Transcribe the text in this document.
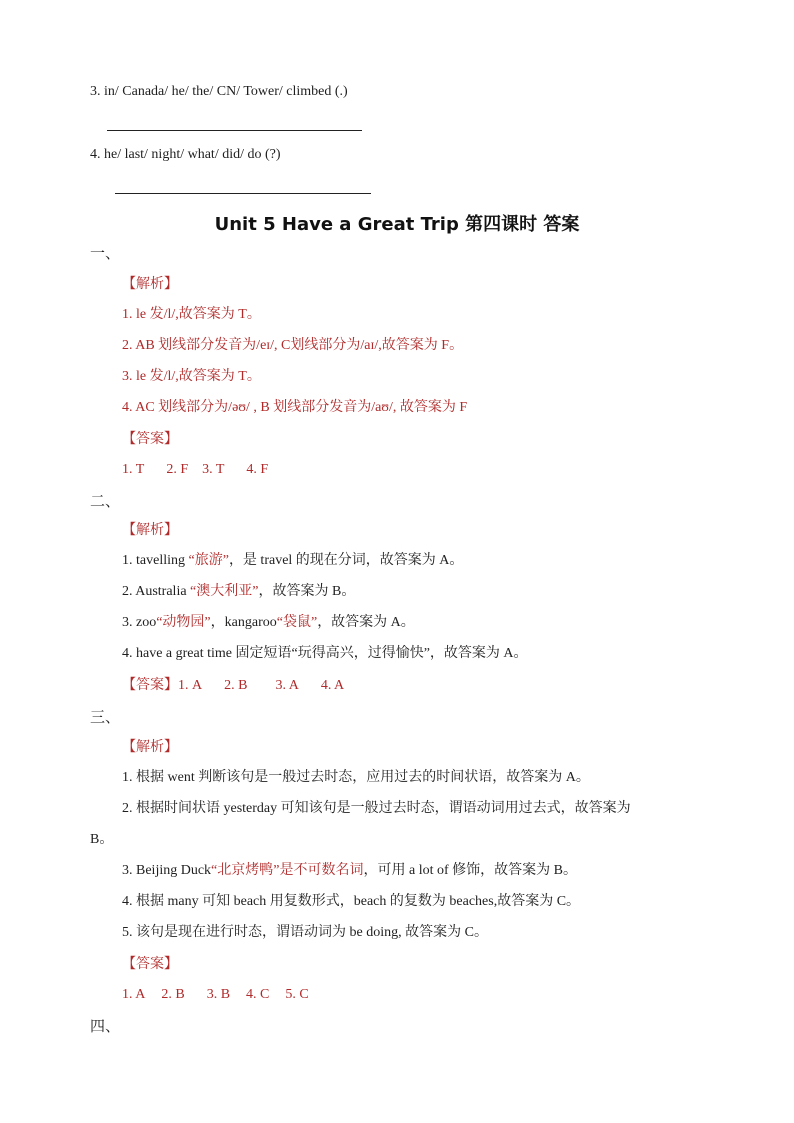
3. in/ Canada/ he/ the/ CN/ Tower/ climbed (.)
4. he/ last/ night/ what/ did/ do (?)
Unit 5 Have a Great Trip 第四课时 答案
一、
【解析】
1. le 发/l/,故答案为 T。
2. AB 划线部分发音为/eɪ/, C划线部分为/aɪ/,故答案为 F。
3. le 发/l/,故答案为 T。
4. AC 划线部分为/əʊ/ , B 划线部分发音为/aʊ/, 故答案为 F
【答案】
1. T 2. F 3. T 4. F
二、
【解析】
1. tavelling “旅游”，是 travel 的现在分词，故答案为 A。
2. Australia “澳大利亚”，故答案为 B。
3. zoo“动物园”，kangaroo“袋鼠”，故答案为 A。
4. have a great time 固定短语“玩得高兴，过得愉快”，故答案为 A。
【答案】1. A 2. B 3. A 4. A
三、
【解析】
1. 根据 went 判断该句是一般过去时态，应用过去的时间状语，故答案为 A。
2. 根据时间状语 yesterday 可知该句是一般过去时态，谓语动词用过去式，故答案为
B。
3. Beijing Duck“北京烤鸭”是不可数名词，可用 a lot of 修饰，故答案为 B。
4. 根据 many 可知 beach 用复数形式，beach 的复数为 beaches,故答案为 C。
5. 该句是现在进行时态，谓语动词为 be doing, 故答案为 C。
【答案】
1. A 2. B 3. B 4. C 5. C
四、
